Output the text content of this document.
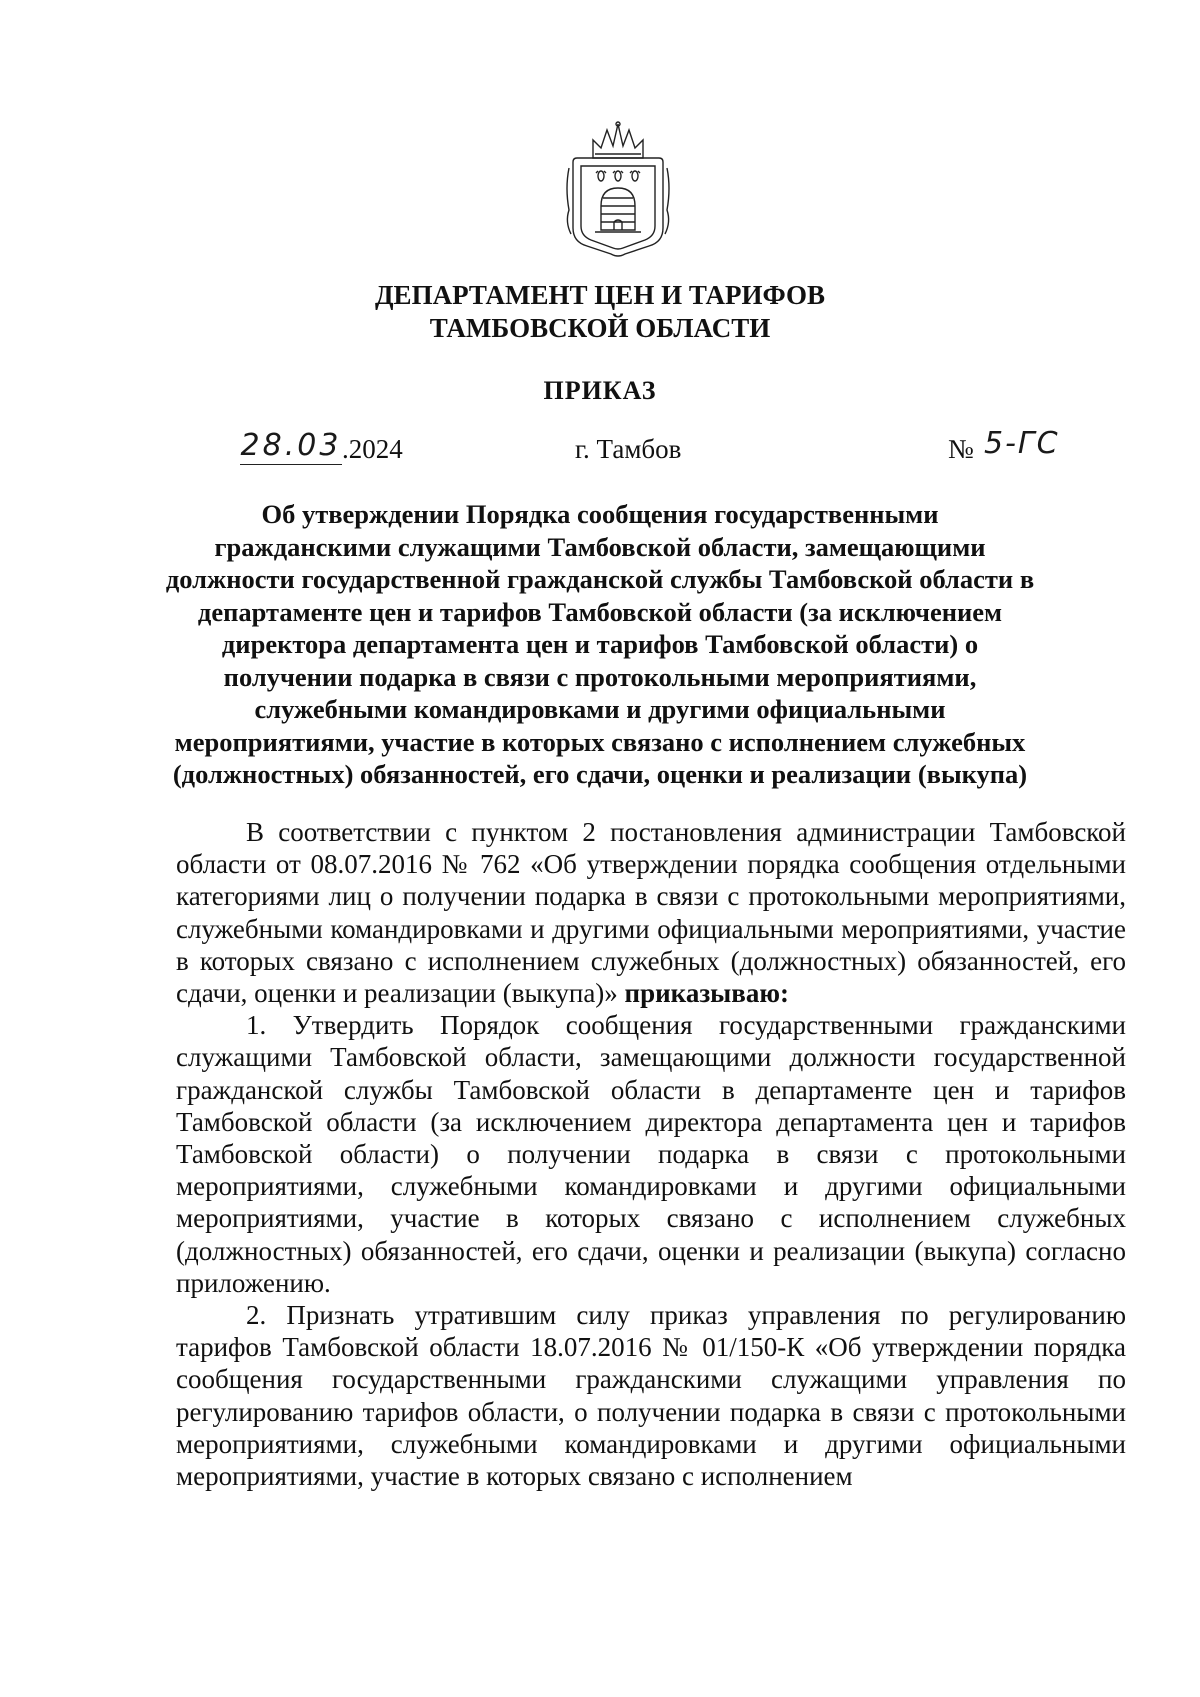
ДЕПАРТАМЕНТ ЦЕН И ТАРИФОВ
ТАМБОВСКОЙ ОБЛАСТИ
ПРИКАЗ
28.03 .2024	г. Тамбов	№ 5-ГС
Об утверждении Порядка сообщения государственными
гражданскими служащими Тамбовской области, замещающими
должности государственной гражданской службы Тамбовской области в
департаменте цен и тарифов Тамбовской области (за исключением
директора департамента цен и тарифов Тамбовской области) о
получении подарка в связи с протокольными мероприятиями,
служебными командировками и другими официальными
мероприятиями, участие в которых связано с исполнением служебных
(должностных) обязанностей, его сдачи, оценки и реализации (выкупа)

В соответствии с пунктом 2 постановления администрации Тамбовской области от 08.07.2016 № 762 «Об утверждении порядка сообщения отдельными категориями лиц о получении подарка в связи с протокольными мероприятиями, служебными командировками и другими официальными мероприятиями, участие в которых связано с исполнением служебных (должностных) обязанностей, его сдачи, оценки и реализации (выкупа)» приказываю:

1. Утвердить Порядок сообщения государственными гражданскими служащими Тамбовской области, замещающими должности государственной гражданской службы Тамбовской области в департаменте цен и тарифов Тамбовской области (за исключением директора департамента цен и тарифов Тамбовской области) о получении подарка в связи с протокольными мероприятиями, служебными командировками и другими официальными мероприятиями, участие в которых связано с исполнением служебных (должностных) обязанностей, его сдачи, оценки и реализации (выкупа) согласно приложению.

2. Признать утратившим силу приказ управления по регулированию тарифов Тамбовской области 18.07.2016 № 01/150-К «Об утверждении порядка сообщения государственными гражданскими служащими управления по регулированию тарифов области, о получении подарка в связи с протокольными мероприятиями, служебными командировками и другими официальными мероприятиями, участие в которых связано с исполнением
